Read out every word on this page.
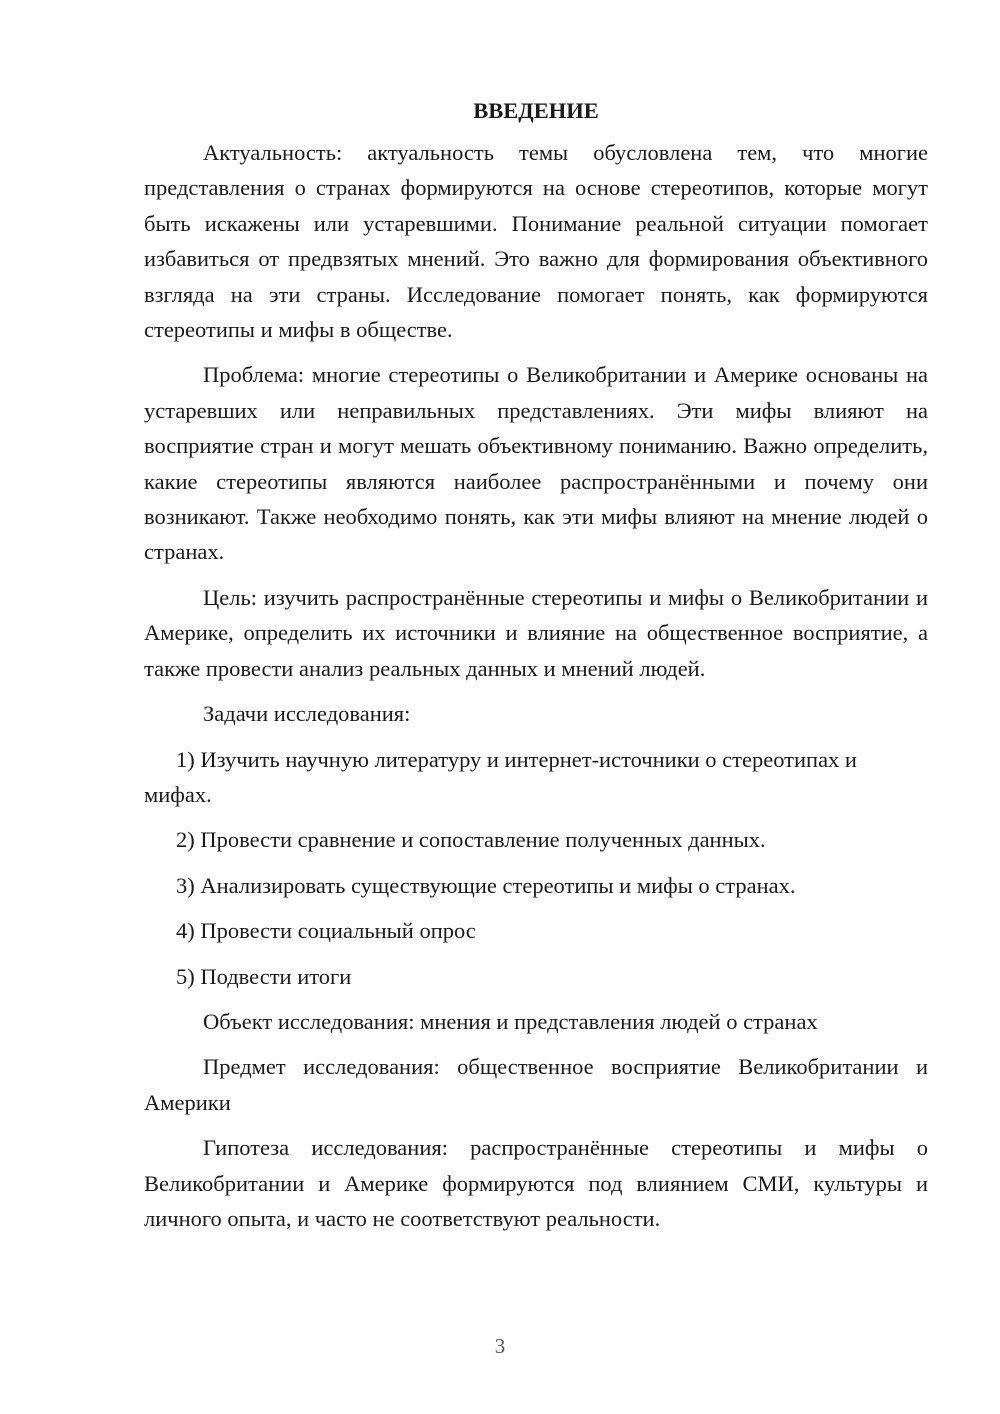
ВВЕДЕНИЕ

Актуальность: актуальность темы обусловлена тем, что многие представления о странах формируются на основе стереотипов, которые могут быть искажены или устаревшими. Понимание реальной ситуации помогает избавиться от предвзятых мнений. Это важно для формирования объективного взгляда на эти страны. Исследование помогает понять, как формируются стереотипы и мифы в обществе.

Проблема: многие стереотипы о Великобритании и Америке основаны на устаревших или неправильных представлениях. Эти мифы влияют на восприятие стран и могут мешать объективному пониманию. Важно определить, какие стереотипы являются наиболее распространёнными и почему они возникают. Также необходимо понять, как эти мифы влияют на мнение людей о странах.

Цель: изучить распространённые стереотипы и мифы о Великобритании и Америке, определить их источники и влияние на общественное восприятие, а также провести анализ реальных данных и мнений людей.

Задачи исследования:

1) Изучить научную литературу и интернет-источники о стереотипах и мифах.

2) Провести сравнение и сопоставление полученных данных.

3) Анализировать существующие стереотипы и мифы о странах.

4) Провести социальный опрос

5) Подвести итоги

Объект исследования: мнения и представления людей о странах

Предмет исследования: общественное восприятие Великобритании и Америки

Гипотеза исследования: распространённые стереотипы и мифы о Великобритании и Америке формируются под влиянием СМИ, культуры и личного опыта, и часто не соответствуют реальности.

3
